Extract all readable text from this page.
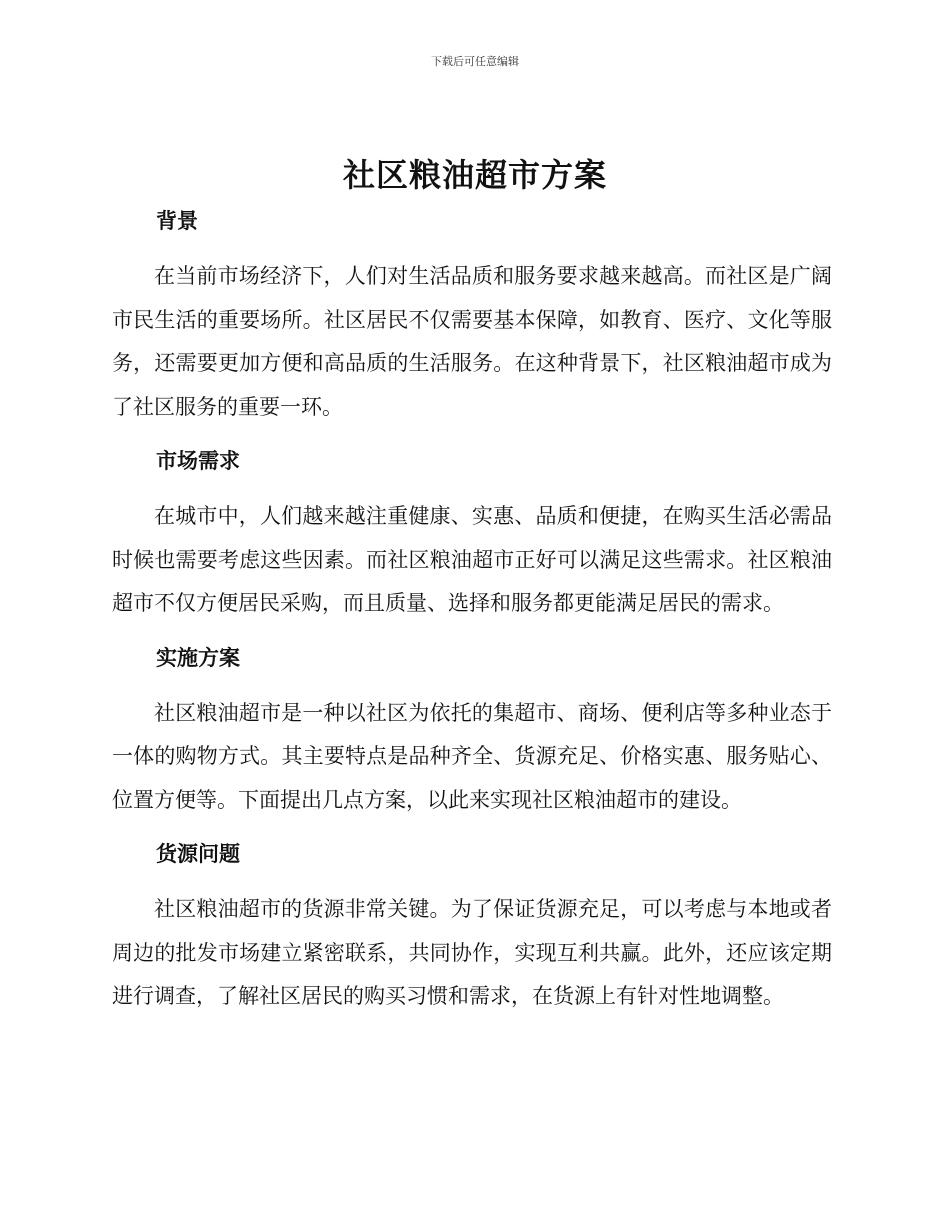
下载后可任意编辑
社区粮油超市方案
背景

在当前市场经济下，人们对生活品质和服务要求越来越高。而社区是广阔市民生活的重要场所。社区居民不仅需要基本保障，如教育、医疗、文化等服务，还需要更加方便和高品质的生活服务。在这种背景下，社区粮油超市成为了社区服务的重要一环。

市场需求

在城市中，人们越来越注重健康、实惠、品质和便捷，在购买生活必需品时候也需要考虑这些因素。而社区粮油超市正好可以满足这些需求。社区粮油超市不仅方便居民采购，而且质量、选择和服务都更能满足居民的需求。

实施方案

社区粮油超市是一种以社区为依托的集超市、商场、便利店等多种业态于一体的购物方式。其主要特点是品种齐全、货源充足、价格实惠、服务贴心、位置方便等。下面提出几点方案，以此来实现社区粮油超市的建设。

货源问题

社区粮油超市的货源非常关键。为了保证货源充足，可以考虑与本地或者周边的批发市场建立紧密联系，共同协作，实现互利共赢。此外，还应该定期进行调查，了解社区居民的购买习惯和需求，在货源上有针对性地调整。
